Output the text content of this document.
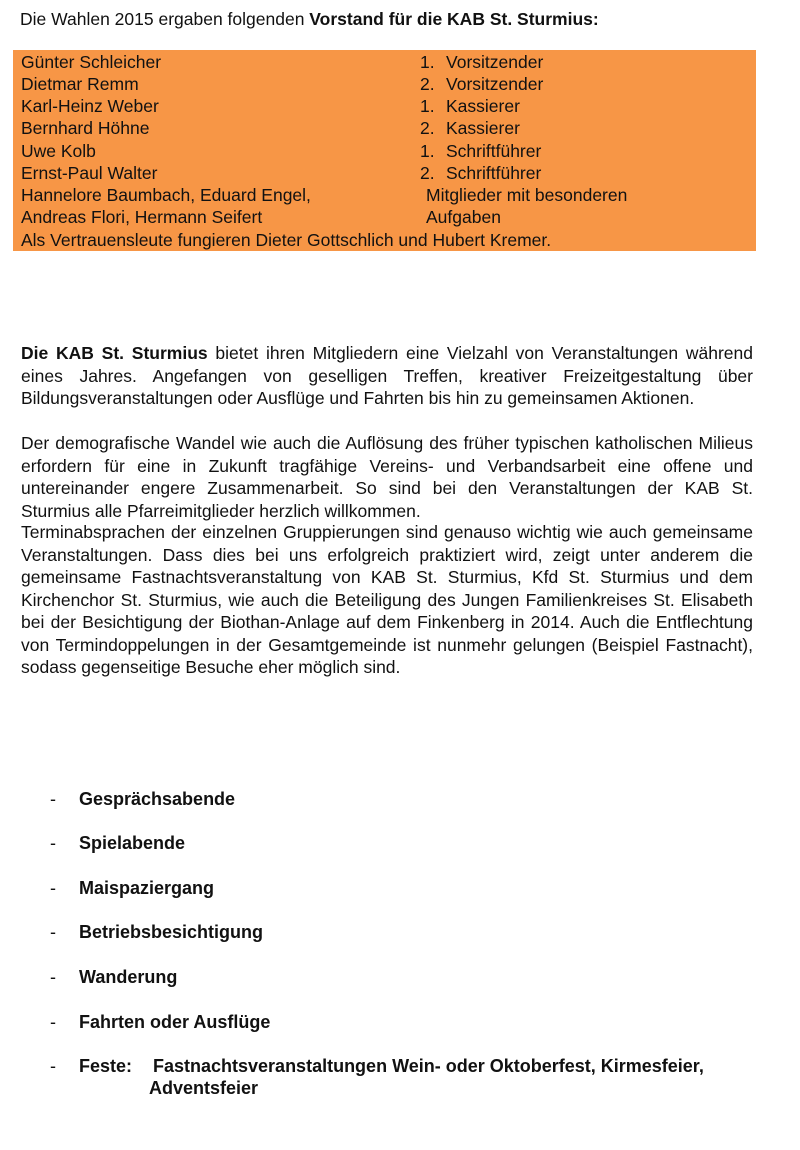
Die Wahlen 2015 ergaben folgenden Vorstand für die KAB St. Sturmius:
Günter Schleicher
Dietmar Remm
Karl-Heinz Weber
Bernhard Höhne
Uwe Kolb
Ernst-Paul Walter
Hannelore Baumbach, Eduard Engel,
Andreas Flori, Hermann Seifert
Als Vertrauensleute fungieren Dieter Gottschlich und Hubert Kremer.
1. Vorsitzender
2. Vorsitzender
1. Kassierer
2. Kassierer
1. Schriftführer
2. Schriftführer
Mitglieder mit besonderen
Aufgaben
Die KAB St. Sturmius bietet ihren Mitgliedern eine Vielzahl von Veranstaltungen während eines Jahres. Angefangen von geselligen Treffen, kreativer Freizeitgestaltung über Bildungsveranstaltungen oder Ausflüge und Fahrten bis hin zu gemeinsamen Aktionen.
Der demografische Wandel wie auch die Auflösung des früher typischen katholischen Milieus erfordern für eine in Zukunft tragfähige Vereins- und Verbandsarbeit eine offene und untereinander engere Zusammenarbeit. So sind bei den Veranstaltungen der KAB St. Sturmius alle Pfarreimitglieder herzlich willkommen.
Terminabsprachen der einzelnen Gruppierungen sind genauso wichtig wie auch gemeinsame Veranstaltungen. Dass dies bei uns erfolgreich praktiziert wird, zeigt unter anderem die gemeinsame Fastnachtsveranstaltung von KAB St. Sturmius, Kfd St. Sturmius und dem Kirchenchor St. Sturmius, wie auch die Beteiligung des Jungen Familienkreises St. Elisabeth bei der Besichtigung der Biothan-Anlage auf dem Finkenberg in 2014. Auch die Entflechtung von Termindoppelungen in der Gesamtgemeinde ist nunmehr gelungen (Beispiel Fastnacht), sodass gegenseitige Besuche eher möglich sind.
- Gesprächsabende
- Spielabende
- Maispaziergang
- Betriebsbesichtigung
- Wanderung
- Fahrten oder Ausflüge
- Feste: Fastnachtsveranstaltungen Wein- oder Oktoberfest, Kirmesfeier,
Adventsfeier
